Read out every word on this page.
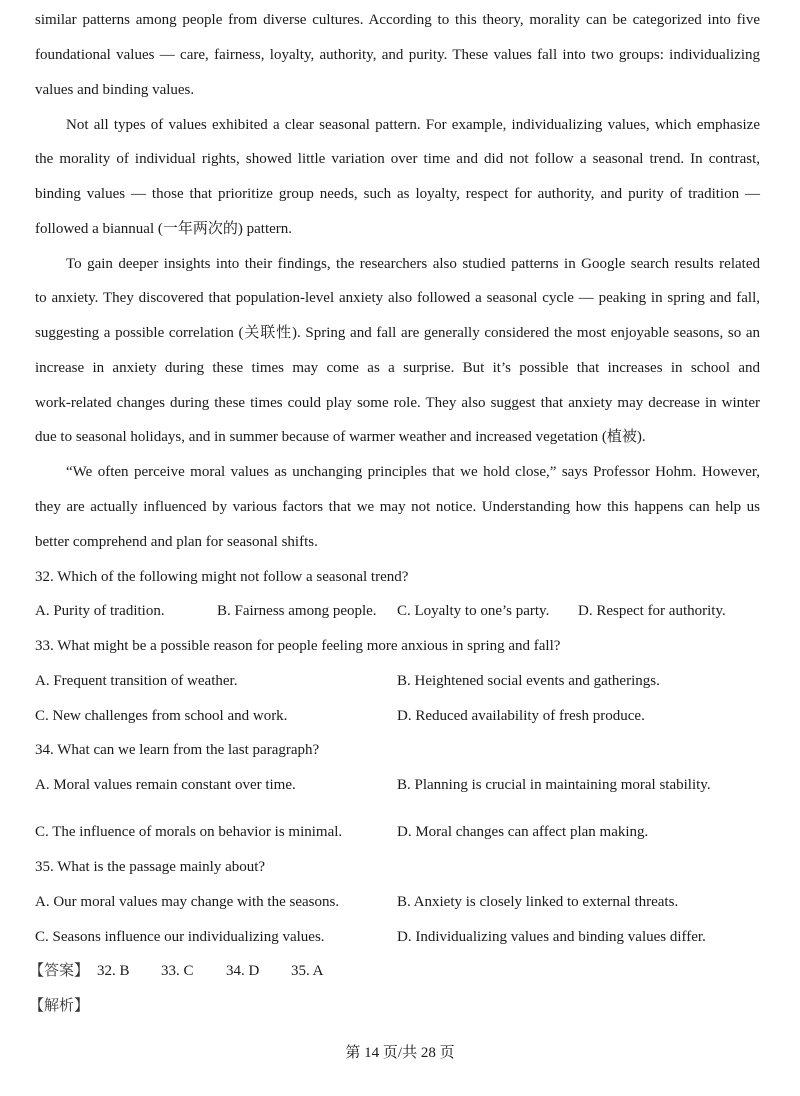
similar patterns among people from diverse cultures. According to this theory, morality can be categorized into five
foundational values — care, fairness, loyalty, authority, and purity. These values fall into two groups: individualizing
values and binding values.
Not all types of values exhibited a clear seasonal pattern. For example, individualizing values, which emphasize
the morality of individual rights, showed little variation over time and did not follow a seasonal trend. In contrast,
binding values — those that prioritize group needs, such as loyalty, respect for authority, and purity of tradition —
followed a biannual (一年两次的) pattern.
To gain deeper insights into their findings, the researchers also studied patterns in Google search results related
to anxiety. They discovered that population-level anxiety also followed a seasonal cycle — peaking in spring and fall,
suggesting a possible correlation (关联性). Spring and fall are generally considered the most enjoyable seasons, so an
increase in anxiety during these times may come as a surprise. But it’s possible that increases in school and
work-related changes during these times could play some role. They also suggest that anxiety may decrease in winter
due to seasonal holidays, and in summer because of warmer weather and increased vegetation (植被).
“We often perceive moral values as unchanging principles that we hold close,” says Professor Hohm. However,
they are actually influenced by various factors that we may not notice. Understanding how this happens can help us
better comprehend and plan for seasonal shifts.
32. Which of the following might not follow a seasonal trend?
A. Purity of tradition.	B. Fairness among people. C. Loyalty to one’s party. D. Respect for authority.
33. What might be a possible reason for people feeling more anxious in spring and fall?
A. Frequent transition of weather.	B. Heightened social events and gatherings.
C. New challenges from school and work.	D. Reduced availability of fresh produce.
34. What can we learn from the last paragraph?
A. Moral values remain constant over time.	B. Planning is crucial in maintaining moral stability.
C. The influence of morals on behavior is minimal.	D. Moral changes can affect plan making.
35. What is the passage mainly about?
A. Our moral values may change with the seasons.	B. Anxiety is closely linked to external threats.
C. Seasons influence our individualizing values.	D. Individualizing values and binding values differ.
【答案】 32. B 33. C 34. D 35. A
【解析】
第 14 页/共 28 页
